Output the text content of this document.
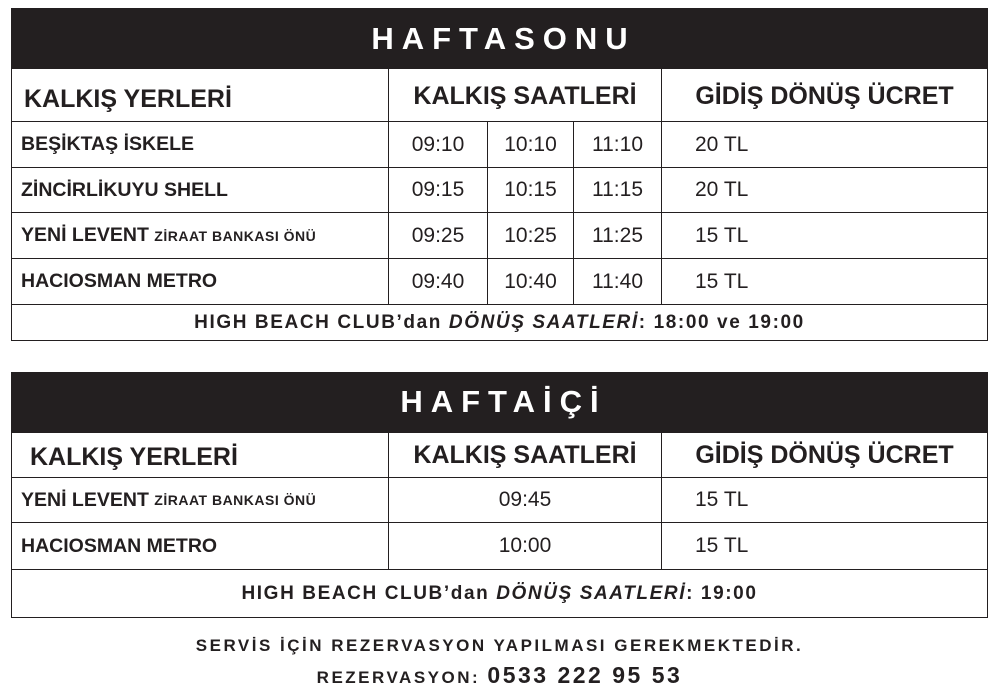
HAFTASONU
KALKIŞ YERLERİ	KALKIŞ SAATLERİ	GİDİŞ DÖNÜŞ ÜCRET
BEŞİKTAŞ İSKELE	09:10	10:10	11:10	20 TL
ZİNCİRLİKUYU SHELL	09:15	10:15	11:15	20 TL
YENİ LEVENT
ZİRAAT BANKASI ÖNÜ	09:25	10:25	11:25	15 TL
HACIOSMAN METRO	09:40	10:40	11:40	15 TL
HIGH BEACH CLUB’dan
DÖNÜŞ SAATLERİ : 18:00 ve 19:00
HAFTAİÇİ
KALKIŞ YERLERİ	KALKIŞ SAATLERİ	GİDİŞ DÖNÜŞ ÜCRET
YENİ LEVENT
ZİRAAT BANKASI ÖNÜ	09:45	15 TL
HACIOSMAN METRO	10:00	15 TL
HIGH BEACH CLUB’dan
DÖNÜŞ SAATLERİ : 19:00
SERVİS İÇİN REZERVASYON YAPILMASI GEREKMEKTEDİR.
REZERVASYON: 0533 222 95 53
